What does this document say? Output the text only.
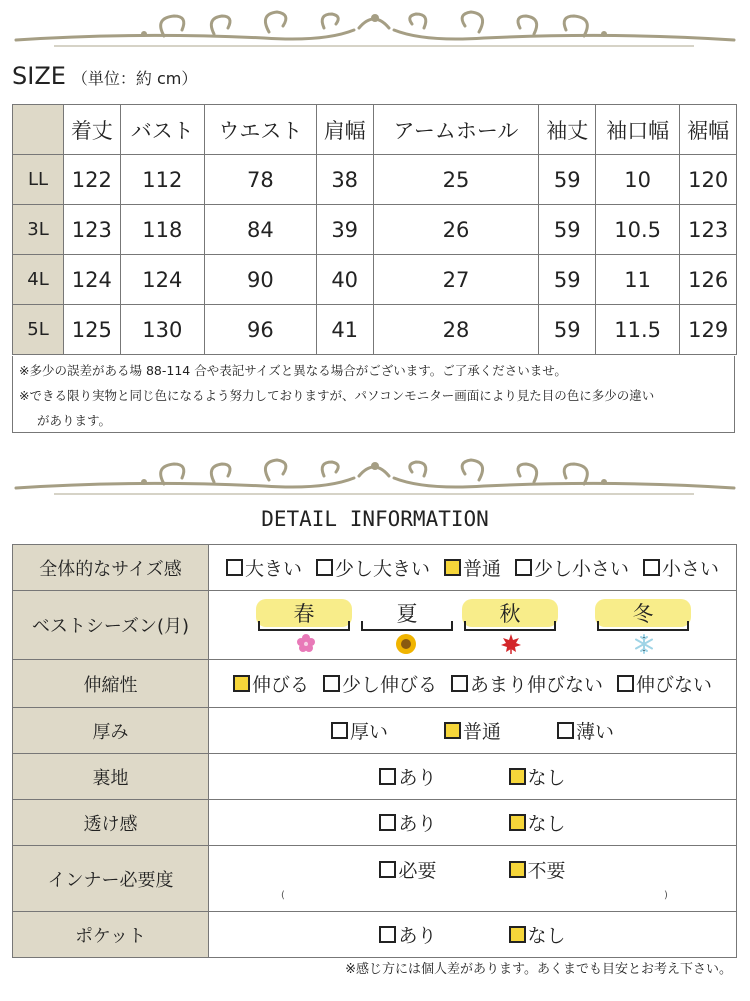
SIZE （単位：約 cm）
	着丈	バスト	ウエスト	肩幅	アームホール	袖丈	袖口幅	裾幅
LL	122	112	78	38	25	59	10	120
3L	123	118	84	39	26	59	10.5	123
4L	124	124	90	40	27	59	11	126
5L	125	130	96	41	28	59	11.5	129
※多少の誤差がある場 88-114 合や表記サイズと異なる場合がございます。ご了承くださいませ。
※できる限り実物と同じ色になるよう努力しておりますが、パソコンモニター画面により見た目の色に多少の違い
があります。
DETAIL INFORMATION
全体的なサイズ感	大きい 少し大きい 普通 少し小さい 小さい

ベストシーズン(月)	春 夏 秋 冬

伸縮性	伸びる 少し伸びる あまり伸びない 伸びない

厚み	厚い 普通 薄い

裏地	あり なし

透け感	あり なし

インナー必要度	必要 不要
( )

ポケット	あり なし
※感じ方には個人差があります。あくまでも目安とお考え下さい。
